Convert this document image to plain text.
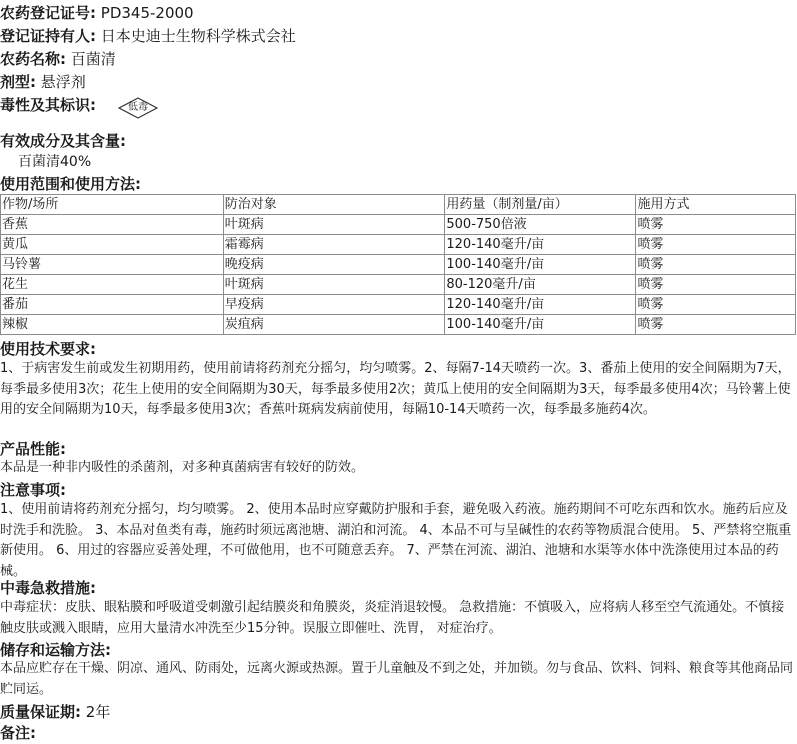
农药登记证号: PD345-2000
登记证持有人: 日本史迪士生物科学株式会社
农药名称: 百菌清
剂型: 悬浮剂
毒性及其标识:	低毒
有效成分及其含量:
百菌清40%
使用范围和使用方法:
作物/场所	防治对象	用药量（制剂量/亩）	施用方式
香蕉	叶斑病	500-750倍液	喷雾
黄瓜	霜霉病	120-140毫升/亩	喷雾
马铃薯	晚疫病	100-140毫升/亩	喷雾
花生	叶斑病	80-120毫升/亩	喷雾
番茄	早疫病	120-140毫升/亩	喷雾
辣椒	炭疽病	100-140毫升/亩	喷雾
使用技术要求:
1、于病害发生前或发生初期用药，使用前请将药剂充分摇匀，均匀喷雾。2、每隔7-14天喷药一次。3、番茄上使用的安全间隔期为7天，每季最多使用3次；花生上使用的安全间隔期为30天，每季最多使用2次；黄瓜上使用的安全间隔期为3天，每季最多使用4次；马铃薯上使用的安全间隔期为10天，每季最多使用3次；香蕉叶斑病发病前使用，每隔10-14天喷药一次，每季最多施药4次。
产品性能:
本品是一种非内吸性的杀菌剂，对多种真菌病害有较好的防效。
注意事项:
1、使用前请将药剂充分摇匀，均匀喷雾。 2、使用本品时应穿戴防护服和手套，避免吸入药液。施药期间不可吃东西和饮水。施药后应及时洗手和洗脸。 3、本品对鱼类有毒，施药时须远离池塘、湖泊和河流。 4、本品不可与呈碱性的农药等物质混合使用。 5、严禁将空瓶重新使用。 6、用过的容器应妥善处理，不可做他用，也不可随意丢弃。 7、严禁在河流、湖泊、池塘和水渠等水体中洗涤使用过本品的药械。
中毒急救措施:
中毒症状：皮肤、眼粘膜和呼吸道受刺激引起结膜炎和角膜炎，炎症消退较慢。 急救措施：不慎吸入，应将病人移至空气流通处。不慎接触皮肤或溅入眼睛，应用大量清水冲洗至少15分钟。误服立即催吐、洗胃， 对症治疗。
储存和运输方法:
本品应贮存在干燥、阴凉、通风、防雨处，远离火源或热源。置于儿童触及不到之处，并加锁。勿与食品、饮料、饲料、粮食等其他商品同贮同运。
质量保证期: 2年
备注:
